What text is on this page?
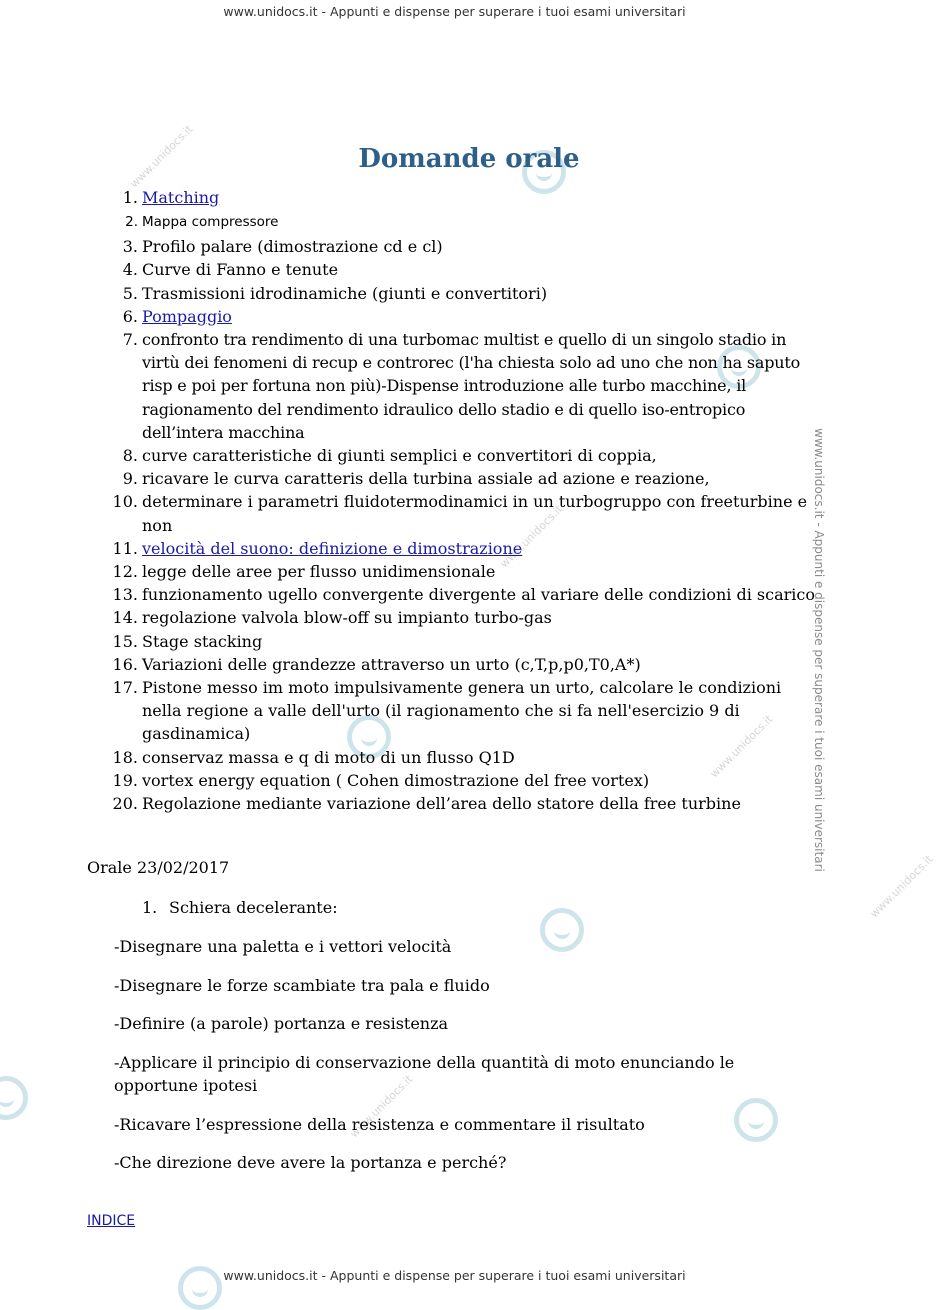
www.unidocs.it
www.unidocs.it
www.unidocs.it
www.unidocs.it
www.unidocs.it
www.unidocs.it - Appunti e dispense per superare i tuoi esami universitari
www.unidocs.it - Appunti e dispense per superare i tuoi esami universitari
Domande orale
1. Matching
2. Mappa compressore
3. Profilo palare (dimostrazione cd e cl)
4. Curve di Fanno e tenute
5. Trasmissioni idrodinamiche (giunti e convertitori)
6. Pompaggio
7. confronto tra rendimento di una turbomac multist e quello di un singolo stadio in virtù dei fenomeni di recup e controrec (l'ha chiesta solo ad uno che non ha saputo risp e poi per fortuna non più)-Dispense introduzione alle turbo macchine, il ragionamento del rendimento idraulico dello stadio e di quello iso-entropico dell’intera macchina
8. curve caratteristiche di giunti semplici e convertitori di coppia,
9. ricavare le curva caratteris della turbina assiale ad azione e reazione,
10. determinare i parametri fluidotermodinamici in un turbogruppo con freeturbine e non
11. velocità del suono: definizione e dimostrazione
12. legge delle aree per flusso unidimensionale
13. funzionamento ugello convergente divergente al variare delle condizioni di scarico
14. regolazione valvola blow-off su impianto turbo-gas
15. Stage stacking
16. Variazioni delle grandezze attraverso un urto (c,T,p,p0,T0,A*)
17. Pistone messo im moto impulsivamente genera un urto, calcolare le condizioni nella regione a valle dell'urto (il ragionamento che si fa nell'esercizio 9 di gasdinamica)
18. conservaz massa e q di moto di un flusso Q1D
19. vortex energy equation ( Cohen dimostrazione del free vortex)
20. Regolazione mediante variazione dell’area dello statore della free turbine
Orale 23/02/2017
1. Schiera decelerante:
-Disegnare una paletta e i vettori velocità
-Disegnare le forze scambiate tra pala e fluido
-Definire (a parole) portanza e resistenza
-Applicare il principio di conservazione della quantità di moto enunciando le opportune ipotesi
-Ricavare l’espressione della resistenza e commentare il risultato
-Che direzione deve avere la portanza e perché?
INDICE
www.unidocs.it - Appunti e dispense per superare i tuoi esami universitari
